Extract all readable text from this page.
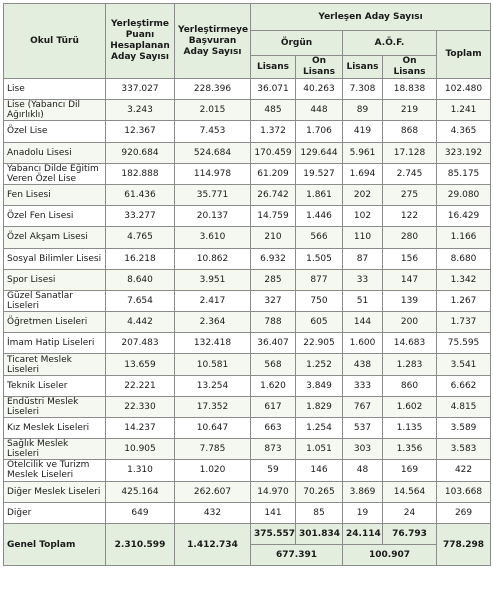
Okul Türü	Yerleştirme Puanı Hesaplanan Aday Sayısı	Yerleştirmeye Başvuran Aday Sayısı	Yerleşen Aday Sayısı				
			Örgün		A.Ö.F.		Toplam
			Lisans	Ön Lisans	Lisans	Ön Lisans	
Lise	337.027	228.396	36.071	40.263	7.308	18.838	102.480
Lise (Yabancı Dil Ağırlıklı)	3.243	2.015	485	448	89	219	1.241
Özel Lise	12.367	7.453	1.372	1.706	419	868	4.365
Anadolu Lisesi	920.684	524.684	170.459	129.644	5.961	17.128	323.192
Yabancı Dilde Eğitim Veren Özel Lise	182.888	114.978	61.209	19.527	1.694	2.745	85.175
Fen Lisesi	61.436	35.771	26.742	1.861	202	275	29.080
Özel Fen Lisesi	33.277	20.137	14.759	1.446	102	122	16.429
Özel Akşam Lisesi	4.765	3.610	210	566	110	280	1.166
Sosyal Bilimler Lisesi	16.218	10.862	6.932	1.505	87	156	8.680
Spor Lisesi	8.640	3.951	285	877	33	147	1.342
Güzel Sanatlar Liseleri	7.654	2.417	327	750	51	139	1.267
Öğretmen Liseleri	4.442	2.364	788	605	144	200	1.737
İmam Hatip Liseleri	207.483	132.418	36.407	22.905	1.600	14.683	75.595
Ticaret Meslek Liseleri	13.659	10.581	568	1.252	438	1.283	3.541
Teknik Liseler	22.221	13.254	1.620	3.849	333	860	6.662
Endüstri Meslek Liseleri	22.330	17.352	617	1.829	767	1.602	4.815
Kız Meslek Liseleri	14.237	10.647	663	1.254	537	1.135	3.589
Sağlık Meslek Liseleri	10.905	7.785	873	1.051	303	1.356	3.583
Otelcilik ve Turizm Meslek Liseleri	1.310	1.020	59	146	48	169	422
Diğer Meslek Liseleri	425.164	262.607	14.970	70.265	3.869	14.564	103.668
Diğer	649	432	141	85	19	24	269
Genel Toplam	2.310.599	1.412.734	375.557	301.834	24.114	76.793	778.298
			677.391		100.907		
